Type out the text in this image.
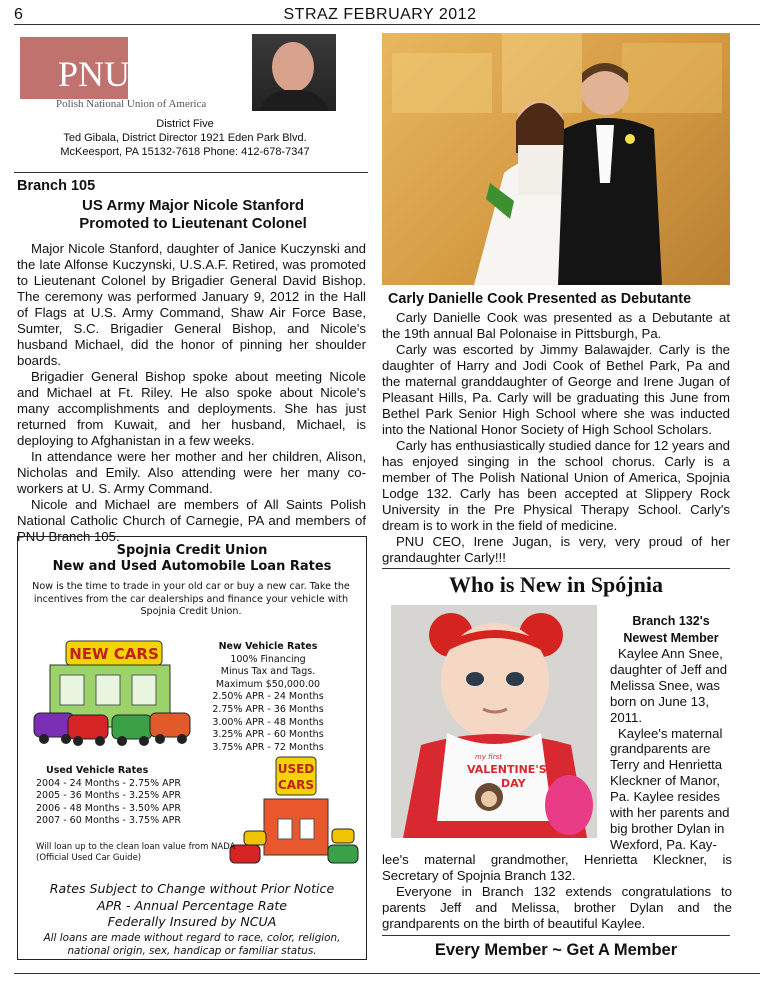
6	STRAZ FEBRUARY 2012
PNU
Polish National Union of America
District Five
Ted Gibala, District Director 1921 Eden Park Blvd.
McKeesport, PA 15132-7618 Phone: 412-678-7347
Branch 105
US Army Major Nicole Stanford
Promoted to Lieutenant Colonel

Major Nicole Stanford, daughter of Janice Kuczynski and the late Alfonse Kuczynski, U.S.A.F. Retired, was promoted to Lieutenant Colonel by Brigadier General David Bishop. The ceremony was performed January 9, 2012 in the Hall of Flags at U.S. Army Command, Shaw Air Force Base, Sumter, S.C. Brigadier General Bishop, and Nicole's husband Michael, did the honor of pinning her shoulder boards.

Brigadier General Bishop spoke about meeting Nicole and Michael at Ft. Riley. He also spoke about Nicole's many accomplishments and deployments. She has just returned from Kuwait, and her husband, Michael, is deploying to Afghanistan in a few weeks.

In attendance were her mother and her children, Alison, Nicholas and Emily. Also attending were her many co-workers at U. S. Army Command.

Nicole and Michael are members of All Saints Polish National Catholic Church of Carnegie, PA and members of PNU Branch 105.

Spojnia Credit Union
New and Used Automobile Loan Rates
Now is the time to trade in your old car or buy a new car. Take the incentives from the car dealerships and finance your vehicle with Spojnia Credit Union.
NEW CARS	New Vehicle Rates
100% Financing
Minus Tax and Tags.
Maximum $50,000.00
2.50% APR - 24 Months
2.75% APR - 36 Months
3.00% APR - 48 Months
3.25% APR - 60 Months
3.75% APR - 72 Months
Used Vehicle Rates
2004 - 24 Months - 2.75% APR
2005 - 36 Months - 3.25% APR
2006 - 48 Months - 3.50% APR
2007 - 60 Months - 3.75% APR
USED
CARS
Will loan up to the clean loan value from NADA (Official Used Car Guide)
Rates Subject to Change without Prior Notice
APR - Annual Percentage Rate
Federally Insured by NCUA
All loans are made without regard to race, color, religion, national origin, sex, handicap or familiar status.
Carly Danielle Cook Presented as Debutante

Carly Danielle Cook was presented as a Debutante at the 19th annual Bal Polonaise in Pittsburgh, Pa.

Carly was escorted by Jimmy Balawajder. Carly is the daughter of Harry and Jodi Cook of Bethel Park, Pa and the maternal granddaughter of George and Irene Jugan of Pleasant Hills, Pa. Carly will be graduating this June from Bethel Park Senior High School where she was inducted into the National Honor Society of High School Scholars.

Carly has enthusiastically studied dance for 12 years and has enjoyed singing in the school chorus. Carly is a member of The Polish National Union of America, Spojnia Lodge 132. Carly has been accepted at Slippery Rock University in the Pre Physical Therapy School. Carly's dream is to work in the field of medicine.

PNU CEO, Irene Jugan, is very, very proud of her grandaughter Carly!!!

Who is New in Spójnia
my first
VALENTINE'S
DAY
Branch 132's
Newest Member
Kaylee Ann Snee,
daughter of Jeff and
Melissa Snee, was
born on June 13,
2011.
Kaylee's maternal
grandparents are
Terry and Henrietta
Kleckner of Manor,
Pa. Kaylee resides
with her parents and
big brother Dylan in
Wexford, Pa. Kay-

lee's maternal grandmother, Henrietta Kleckner, is Secretary of Spojnia Branch 132.

Everyone in Branch 132 extends congratulations to parents Jeff and Melissa, brother Dylan and the grandparents on the birth of beautiful Kaylee.

Every Member ~ Get A Member
